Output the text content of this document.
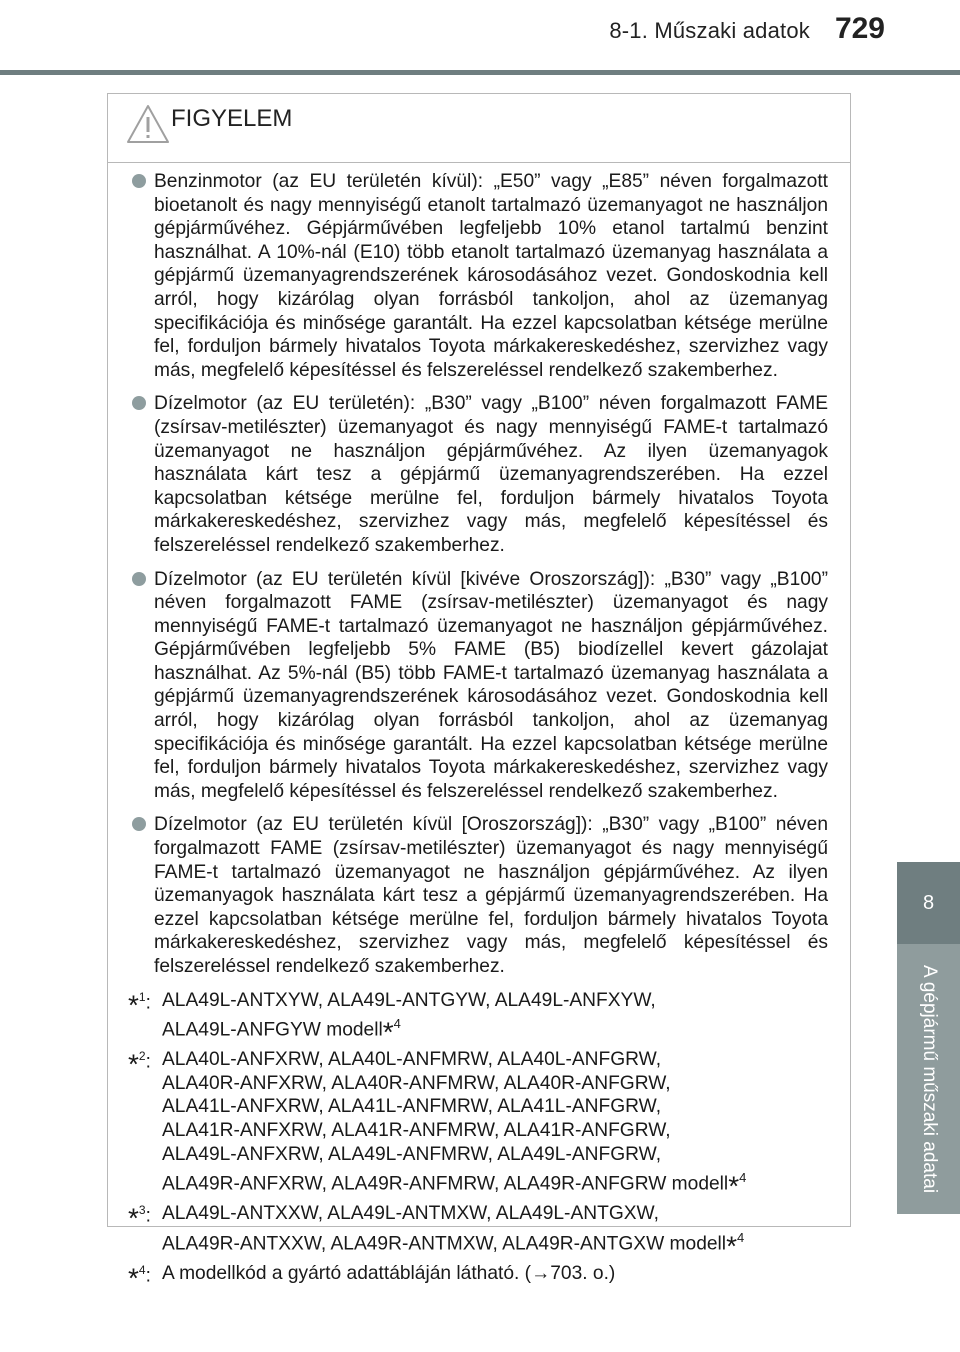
8-1. Műszaki adatok 729
8
A gépjármű műszaki adatai
FIGYELEM
Benzinmotor (az EU területén kívül): „E50” vagy „E85” néven forgalmazott bioetanolt és nagy mennyiségű etanolt tartalmazó üzemanyagot ne használjon gépjárművéhez. Gépjárművében legfeljebb 10% etanol tartalmú benzint használhat. A 10%-nál (E10) több etanolt tartalmazó üzemanyag használata a gépjármű üzemanyagrendszerének károsodásához vezet. Gondoskodnia kell arról, hogy kizárólag olyan forrásból tankoljon, ahol az üzemanyag specifikációja és minősége garantált. Ha ezzel kapcsolatban kétsége merülne fel, forduljon bármely hivatalos Toyota márkakereskedéshez, szervizhez vagy más, megfelelő képesítéssel és felszereléssel rendelkező szakemberhez.
Dízelmotor (az EU területén): „B30” vagy „B100” néven forgalmazott FAME (zsírsav-metilészter) üzemanyagot és nagy mennyiségű FAME-t tartalmazó üzemanyagot ne használjon gépjárművéhez. Az ilyen üzemanyagok használata kárt tesz a gépjármű üzemanyagrendszerében. Ha ezzel kapcsolatban kétsége merülne fel, forduljon bármely hivatalos Toyota márkakereskedéshez, szervizhez vagy más, megfelelő képesítéssel és felszereléssel rendelkező szakemberhez.
Dízelmotor (az EU területén kívül [kivéve Oroszország]): „B30” vagy „B100” néven forgalmazott FAME (zsírsav-metilészter) üzemanyagot és nagy mennyiségű FAME-t tartalmazó üzemanyagot ne használjon gépjárművéhez. Gépjárművében legfeljebb 5% FAME (B5) biodízellel kevert gázolajat használhat. Az 5%-nál (B5) több FAME-t tartalmazó üzemanyag használata a gépjármű üzemanyagrendszerének károsodásához vezet. Gondoskodnia kell arról, hogy kizárólag olyan forrásból tankoljon, ahol az üzemanyag specifikációja és minősége garantált. Ha ezzel kapcsolatban kétsége merülne fel, forduljon bármely hivatalos Toyota márkakereskedéshez, szervizhez vagy más, megfelelő képesítéssel és felszereléssel rendelkező szakemberhez.
Dízelmotor (az EU területén kívül [Oroszország]): „B30” vagy „B100” néven forgalmazott FAME (zsírsav-metilészter) üzemanyagot és nagy mennyiségű FAME-t tartalmazó üzemanyagot ne használjon gépjárművéhez. Az ilyen üzemanyagok használata kárt tesz a gépjármű üzemanyagrendszerében. Ha ezzel kapcsolatban kétsége merülne fel, forduljon bármely hivatalos Toyota márkakereskedéshez, szervizhez vagy más, megfelelő képesítéssel és felszereléssel rendelkező szakemberhez.
*$^1$: ALA49L-ANTXYW, ALA49L-ANTGYW, ALA49L-ANFXYW,
ALA49L-ANFGYW modell*$^4$
*$^2$: ALA40L-ANFXRW, ALA40L-ANFMRW, ALA40L-ANFGRW,
ALA40R-ANFXRW, ALA40R-ANFMRW, ALA40R-ANFGRW,
ALA41L-ANFXRW, ALA41L-ANFMRW, ALA41L-ANFGRW,
ALA41R-ANFXRW, ALA41R-ANFMRW, ALA41R-ANFGRW,
ALA49L-ANFXRW, ALA49L-ANFMRW, ALA49L-ANFGRW,
ALA49R-ANFXRW, ALA49R-ANFMRW, ALA49R-ANFGRW modell*$^4$
*$^3$: ALA49L-ANTXXW, ALA49L-ANTMXW, ALA49L-ANTGXW,
ALA49R-ANTXXW, ALA49R-ANTMXW, ALA49R-ANTGXW modell*$^4$
*$^4$: A modellkód a gyártó adattábláján látható. (→703. o.)
